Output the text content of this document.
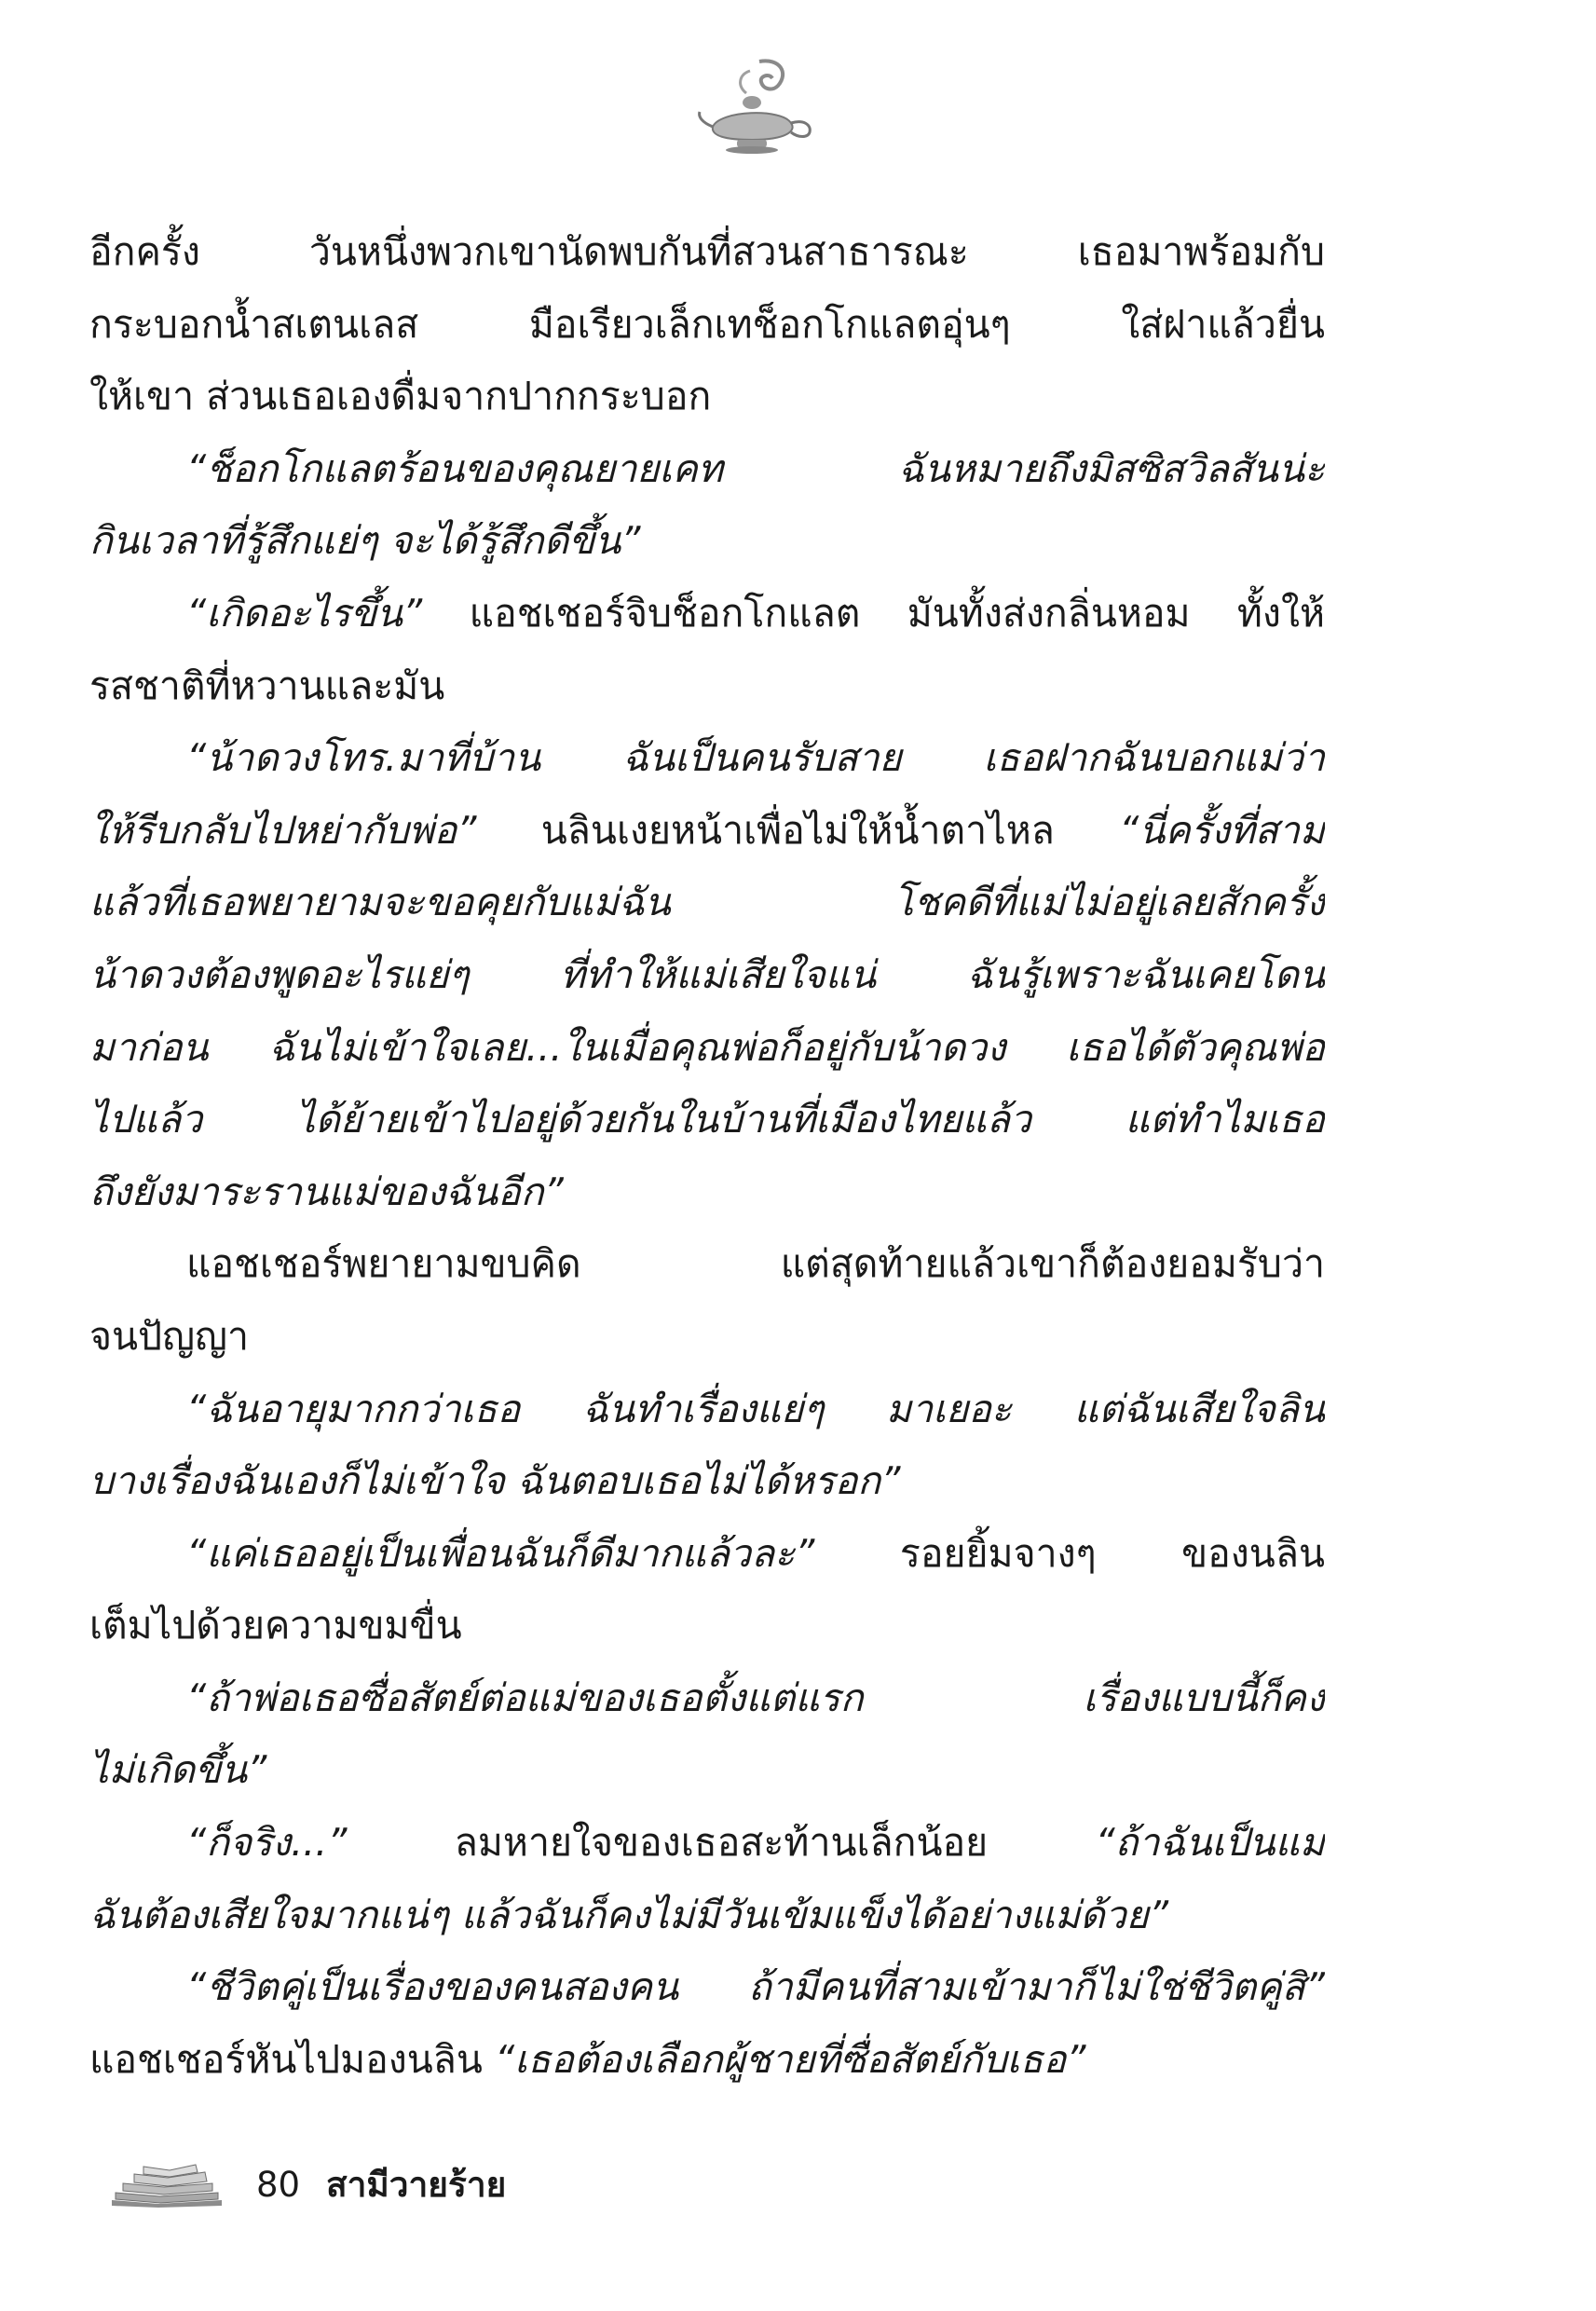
อีกครั้ง วันหนึ่งพวกเขานัดพบกันที่สวนสาธารณะ เธอมาพร้อมกับ
กระบอกน้ำสเตนเลส มือเรียวเล็กเทช็อกโกแลตอุ่นๆ ใส่ฝาแล้วยื่น
ให้เขา ส่วนเธอเองดื่มจากปากกระบอก
“ช็อกโกแลตร้อนของคุณยายเคท ฉันหมายถึงมิสซิสวิลสันน่ะ
กินเวลาที่รู้สึกแย่ๆ จะได้รู้สึกดีขึ้น”
“เกิดอะไรขึ้น” แอชเชอร์จิบช็อกโกแลต มันทั้งส่งกลิ่นหอม ทั้งให้
รสชาติที่หวานและมัน
“น้าดวงโทร.มาที่บ้าน ฉันเป็นคนรับสาย เธอฝากฉันบอกแม่ว่า
ให้รีบกลับไปหย่ากับพ่อ” นลินเงยหน้าเพื่อไม่ให้น้ำตาไหล “นี่ครั้งที่สาม
แล้วที่เธอพยายามจะขอคุยกับแม่ฉัน โชคดีที่แม่ไม่อยู่เลยสักครั้ง
น้าดวงต้องพูดอะไรแย่ๆ ที่ทำให้แม่เสียใจแน่ ฉันรู้เพราะฉันเคยโดน
มาก่อน ฉันไม่เข้าใจเลย...ในเมื่อคุณพ่อก็อยู่กับน้าดวง เธอได้ตัวคุณพ่อ
ไปแล้ว ได้ย้ายเข้าไปอยู่ด้วยกันในบ้านที่เมืองไทยแล้ว แต่ทำไมเธอ
ถึงยังมาระรานแม่ของฉันอีก”
แอชเชอร์พยายามขบคิด แต่สุดท้ายแล้วเขาก็ต้องยอมรับว่า
จนปัญญา
“ฉันอายุมากกว่าเธอ ฉันทำเรื่องแย่ๆ มาเยอะ แต่ฉันเสียใจลิน
บางเรื่องฉันเองก็ไม่เข้าใจ ฉันตอบเธอไม่ได้หรอก”
“แค่เธออยู่เป็นเพื่อนฉันก็ดีมากแล้วละ” รอยยิ้มจางๆ ของนลิน
เต็มไปด้วยความขมขื่น
“ถ้าพ่อเธอซื่อสัตย์ต่อแม่ของเธอตั้งแต่แรก เรื่องแบบนี้ก็คง
ไม่เกิดขึ้น”
“ก็จริง...” ลมหายใจของเธอสะท้านเล็กน้อย “ถ้าฉันเป็นแม่
ฉันต้องเสียใจมากแน่ๆ แล้วฉันก็คงไม่มีวันเข้มแข็งได้อย่างแม่ด้วย”
“ชีวิตคู่เป็นเรื่องของคนสองคน ถ้ามีคนที่สามเข้ามาก็ไม่ใช่ชีวิตคู่สิ”
แอชเชอร์หันไปมองนลิน “เธอต้องเลือกผู้ชายที่ซื่อสัตย์กับเธอ”
80 สามีวายร้าย
